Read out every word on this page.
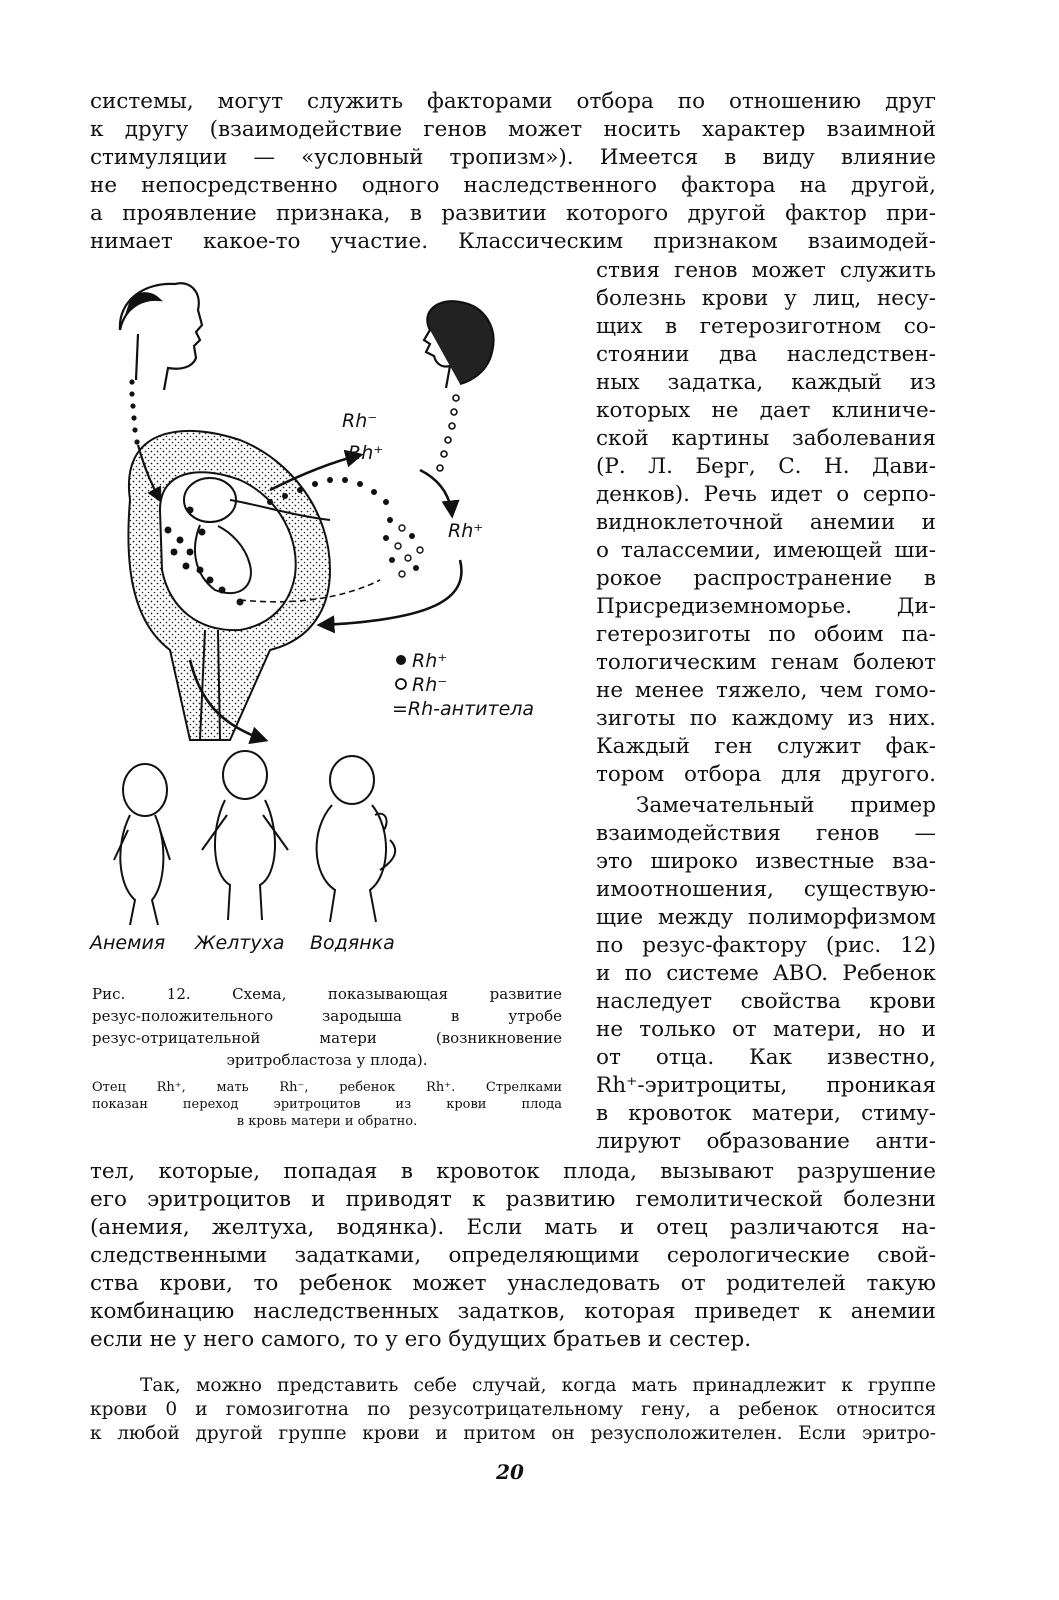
системы, могут служить факторами отбора по отношению друг
к другу (взаимодействие генов может носить характер взаимной
стимуляции — «условный тропизм»). Имеется в виду влияние
не непосредственно одного наследственного фактора на другой,
а проявление признака, в развитии которого другой фактор при-
нимает какое-то участие. Классическим признаком взаимодей-
ствия генов может служить
болезнь крови у лиц, несу-
щих в гетерозиготном со-
стоянии два наследствен-
ных задатка, каждый из
которых не дает клиниче-
ской картины заболевания
(Р. Л. Берг, С. Н. Дави-
денков). Речь идет о серпо-
видноклеточной анемии и
о талассемии, имеющей ши-
рокое распространение в
Присредиземноморье. Ди-
гетерозиготы по обоим па-
тологическим генам болеют
не менее тяжело, чем гомо-
зиготы по каждому из них.
Каждый ген служит фак-
тором отбора для другого.
Замечательный пример
взаимодействия генов —
это широко известные вза-
имоотношения, существую-
щие между полиморфизмом
по резус-фактору (рис. 12)
и по системе ABO. Ребенок
наследует свойства крови
не только от матери, но и
от отца. Как известно,
Rh⁺-эритроциты, проникая
в кровоток матери, стиму-
лируют образование анти-
Rh⁻
Rh⁺
Rh⁺
Rh⁺
Rh⁻
=Rh-антитела
Анемия Желтуха Водянка
Рис. 12. Схема, показывающая развитие
резус-положительного зародыша в утробе
резус-отрицательной матери (возникновение
эритробластоза у плода).
Отец Rh⁺, мать Rh⁻, ребенок Rh⁺. Стрелками
показан переход эритроцитов из крови плода
в кровь матери и обратно.
тел, которые, попадая в кровоток плода, вызывают разрушение
его эритроцитов и приводят к развитию гемолитической болезни
(анемия, желтуха, водянка). Если мать и отец различаются на-
следственными задатками, определяющими серологические свой-
ства крови, то ребенок может унаследовать от родителей такую
комбинацию наследственных задатков, которая приведет к анемии
если не у него самого, то у его будущих братьев и сестер.
Так, можно представить себе случай, когда мать принадлежит к группе
крови 0 и гомозиготна по резусотрицательному гену, а ребенок относится
к любой другой группе крови и притом он резусположителен. Если эритро-
20
